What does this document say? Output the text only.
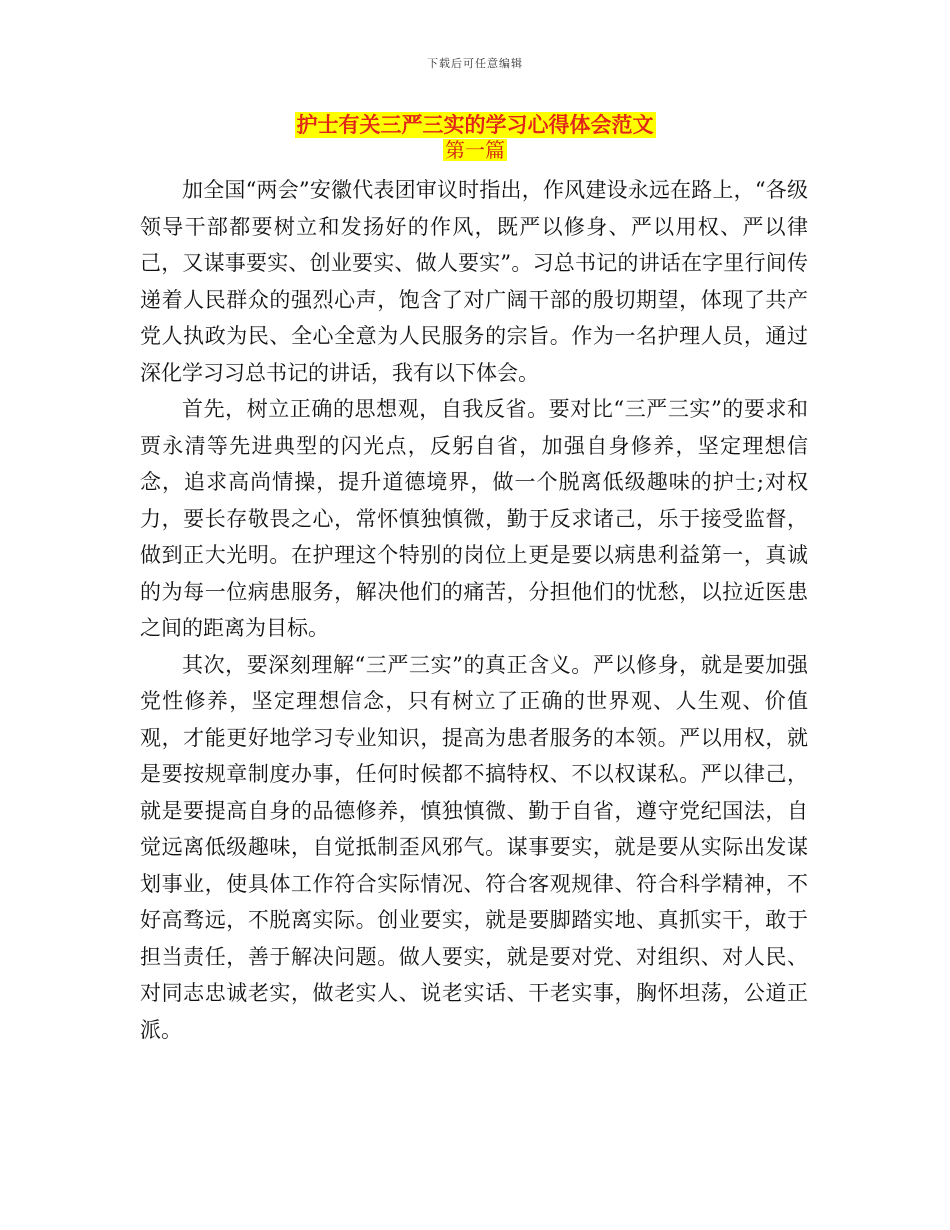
下载后可任意编辑
护士有关三严三实的学习心得体会范文
第一篇

加全国“两会”安徽代表团审议时指出，作风建设永远在路上，“各级领导干部都要树立和发扬好的作风，既严以修身、严以用权、严以律己，又谋事要实、创业要实、做人要实”。习总书记的讲话在字里行间传递着人民群众的强烈心声，饱含了对广阔干部的殷切期望，体现了共产党人执政为民、全心全意为人民服务的宗旨。作为一名护理人员，通过深化学习习总书记的讲话，我有以下体会。

首先，树立正确的思想观，自我反省。要对比“三严三实”的要求和贾永清等先进典型的闪光点，反躬自省，加强自身修养，坚定理想信念，追求高尚情操，提升道德境界，做一个脱离低级趣味的护士;对权力，要长存敬畏之心，常怀慎独慎微，勤于反求诸己，乐于接受监督，做到正大光明。在护理这个特别的岗位上更是要以病患利益第一，真诚的为每一位病患服务，解决他们的痛苦，分担他们的忧愁，以拉近医患之间的距离为目标。

其次，要深刻理解“三严三实”的真正含义。严以修身，就是要加强党性修养，坚定理想信念，只有树立了正确的世界观、人生观、价值观，才能更好地学习专业知识，提高为患者服务的本领。严以用权，就是要按规章制度办事，任何时候都不搞特权、不以权谋私。严以律己，就是要提高自身的品德修养，慎独慎微、勤于自省，遵守党纪国法，自觉远离低级趣味，自觉抵制歪风邪气。谋事要实，就是要从实际出发谋划事业，使具体工作符合实际情况、符合客观规律、符合科学精神，不好高骛远，不脱离实际。创业要实，就是要脚踏实地、真抓实干，敢于担当责任，善于解决问题。做人要实，就是要对党、对组织、对人民、对同志忠诚老实，做老实人、说老实话、干老实事，胸怀坦荡，公道正派。
